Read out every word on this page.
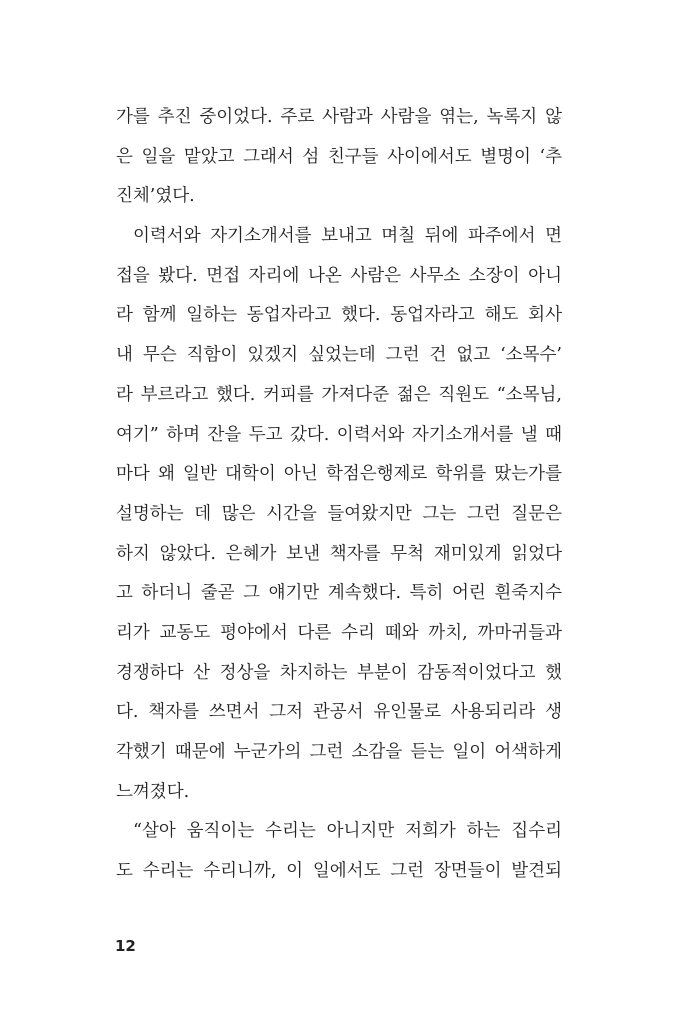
가를 추진 중이었다. 주로 사람과 사람을 엮는, 녹록지 않
은 일을 맡았고 그래서 섬 친구들 사이에서도 별명이 ‘추
진체’였다.
이력서와 자기소개서를 보내고 며칠 뒤에 파주에서 면
접을 봤다. 면접 자리에 나온 사람은 사무소 소장이 아니
라 함께 일하는 동업자라고 했다. 동업자라고 해도 회사
내 무슨 직함이 있겠지 싶었는데 그런 건 없고 ‘소목수’
라 부르라고 했다. 커피를 가져다준 젊은 직원도 “소목님,
여기” 하며 잔을 두고 갔다. 이력서와 자기소개서를 낼 때
마다 왜 일반 대학이 아닌 학점은행제로 학위를 땄는가를
설명하는 데 많은 시간을 들여왔지만 그는 그런 질문은
하지 않았다. 은혜가 보낸 책자를 무척 재미있게 읽었다
고 하더니 줄곧 그 얘기만 계속했다. 특히 어린 흰죽지수
리가 교동도 평야에서 다른 수리 떼와 까치, 까마귀들과
경쟁하다 산 정상을 차지하는 부분이 감동적이었다고 했
다. 책자를 쓰면서 그저 관공서 유인물로 사용되리라 생
각했기 때문에 누군가의 그런 소감을 듣는 일이 어색하게
느껴졌다.
“살아 움직이는 수리는 아니지만 저희가 하는 집수리
도 수리는 수리니까, 이 일에서도 그런 장면들이 발견되
12
